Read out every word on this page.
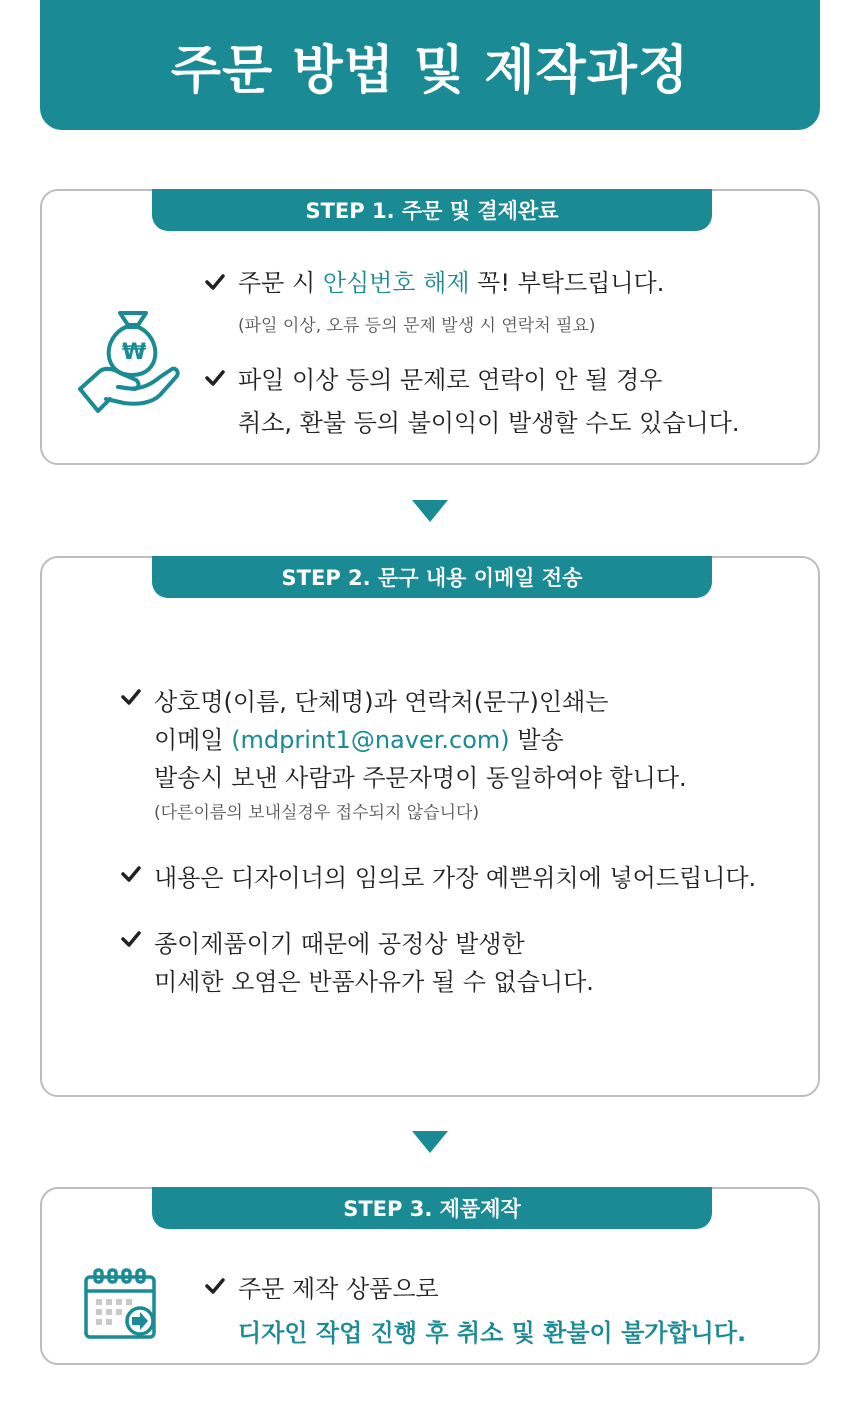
주문 방법 및 제작과정
STEP 1. 주문 및 결제완료
₩
주문 시 안심번호 해제 꼭! 부탁드립니다.
(파일 이상, 오류 등의 문제 발생 시 연락처 필요)
파일 이상 등의 문제로 연락이 안 될 경우
취소, 환불 등의 불이익이 발생할 수도 있습니다.
STEP 2. 문구 내용 이메일 전송
상호명(이름, 단체명)과 연락처(문구)인쇄는
이메일 (mdprint1@naver.com) 발송
발송시 보낸 사람과 주문자명이 동일하여야 합니다.
(다른이름의 보내실경우 접수되지 않습니다)
내용은 디자이너의 임의로 가장 예쁜위치에 넣어드립니다.
종이제품이기 때문에 공정상 발생한
미세한 오염은 반품사유가 될 수 없습니다.
STEP 3. 제품제작
주문 제작 상품으로
디자인 작업 진행 후 취소 및 환불이 불가합니다.
